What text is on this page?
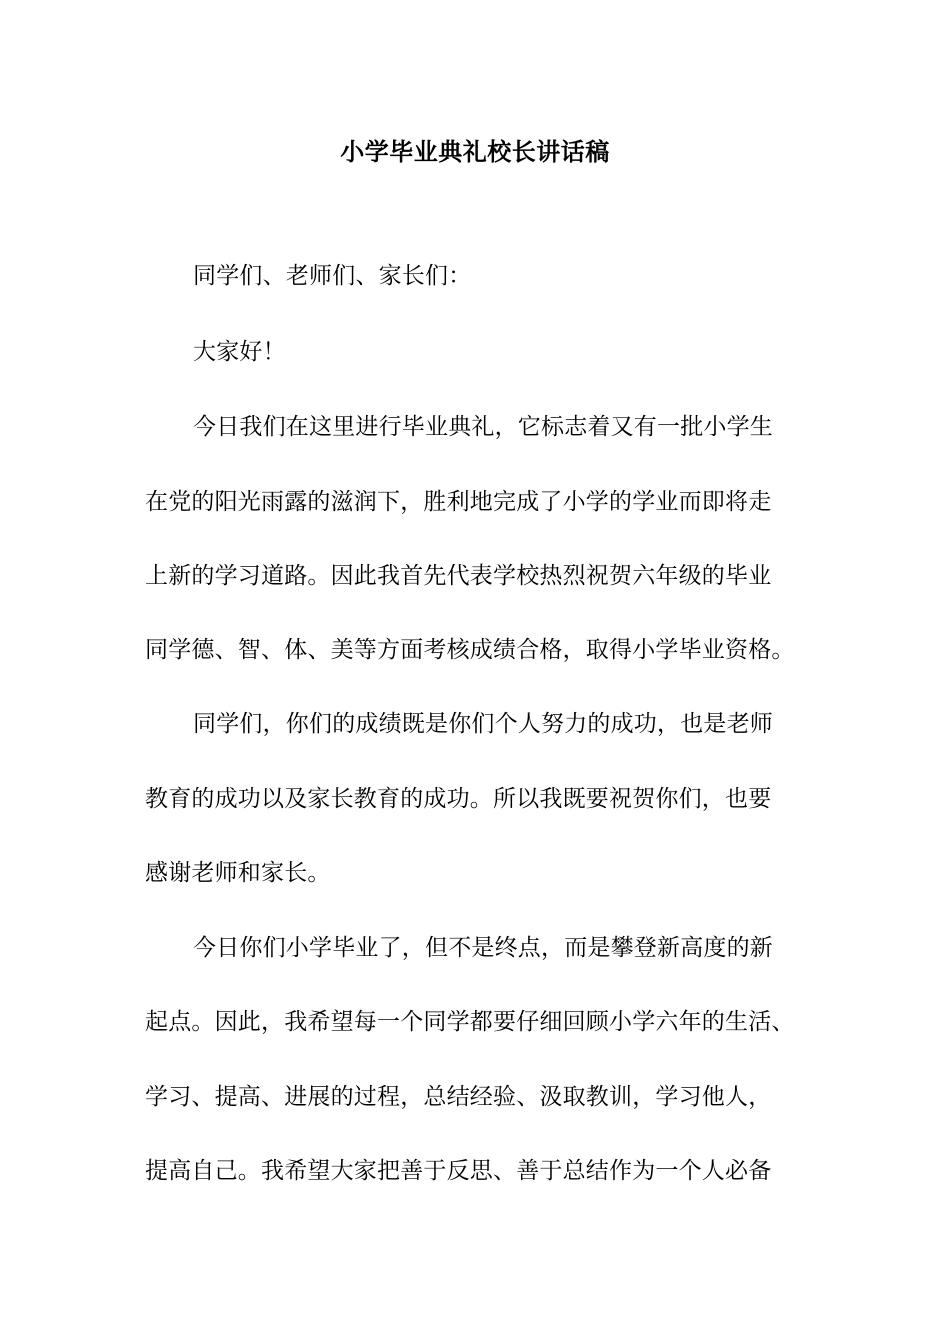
小学毕业典礼校长讲话稿
同学们、老师们、家长们：
大家好！
今日我们在这里进行毕业典礼，它标志着又有一批小学生
在党的阳光雨露的滋润下，胜利地完成了小学的学业而即将走
上新的学习道路。因此我首先代表学校热烈祝贺六年级的毕业
同学德、智、体、美等方面考核成绩合格，取得小学毕业资格。
同学们，你们的成绩既是你们个人努力的成功，也是老师
教育的成功以及家长教育的成功。所以我既要祝贺你们，也要
感谢老师和家长。
今日你们小学毕业了，但不是终点，而是攀登新高度的新
起点。因此，我希望每一个同学都要仔细回顾小学六年的生活、
学习、提高、进展的过程，总结经验、汲取教训，学习他人，
提高自己。我希望大家把善于反思、善于总结作为一个人必备
